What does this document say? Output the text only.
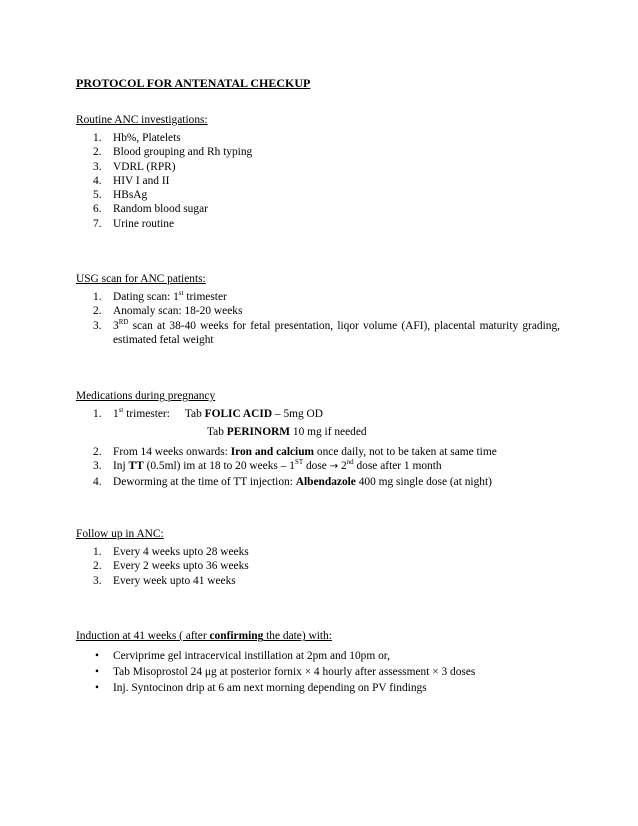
PROTOCOL FOR ANTENATAL CHECKUP
Routine ANC investigations:
1. Hb%, Platelets
2. Blood grouping and Rh typing
3. VDRL (RPR)
4. HIV I and II
5. HBsAg
6. Random blood sugar
7. Urine routine
USG scan for ANC patients:
1. Dating scan: 1st trimester
2. Anomaly scan: 18-20 weeks
3. 3RD scan at 38-40 weeks for fetal presentation, liqor volume (AFI), placental maturity grading, estimated fetal weight
Medications during pregnancy
1. 1st trimester: Tab FOLIC ACID – 5mg OD
Tab PERINORM 10 mg if needed
2. From 14 weeks onwards: Iron and calcium once daily, not to be taken at same time
3. Inj TT (0.5ml) im at 18 to 20 weeks – 1ST dose → 2nd dose after 1 month
4. Deworming at the time of TT injection: Albendazole 400 mg single dose (at night)
Follow up in ANC:
1. Every 4 weeks upto 28 weeks
2. Every 2 weeks upto 36 weeks
3. Every week upto 41 weeks
Induction at 41 weeks ( after confirming the date) with:
• Cerviprime gel intracervical instillation at 2pm and 10pm or,
• Tab Misoprostol 24 μg at posterior fornix × 4 hourly after assessment × 3 doses
• Inj. Syntocinon drip at 6 am next morning depending on PV findings
